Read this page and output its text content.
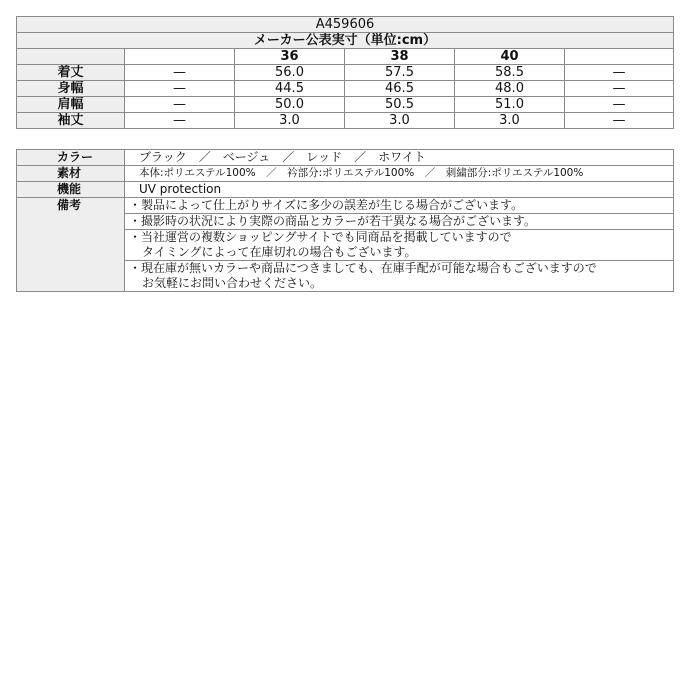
A459606					
メーカー公表実寸（単位:cm）					
		36	38	40	
着丈	—	56.0	57.5	58.5	—
身幅	—	44.5	46.5	48.0	—
肩幅	—	50.0	50.5	51.0	—
袖丈	—	3.0	3.0	3.0	—
カラー	ブラック　／　ベージュ　／　レッド　／　ホワイト
素材	本体:ポリエステル100%　／　衿部分:ポリエステル100%　／　刺繍部分:ポリエステル100%
機能	UV protection
備考	・製品によって仕上がりサイズに多少の誤差が生じる場合がございます。

	・撮影時の状況により実際の商品とカラーが若干異なる場合がございます。

	・当社運営の複数ショッピングサイトでも同商品を掲載していますので
タイミングによって在庫切れの場合もございます。

	・現在庫が無いカラーや商品につきましても、在庫手配が可能な場合もございますので
お気軽にお問い合わせください。
